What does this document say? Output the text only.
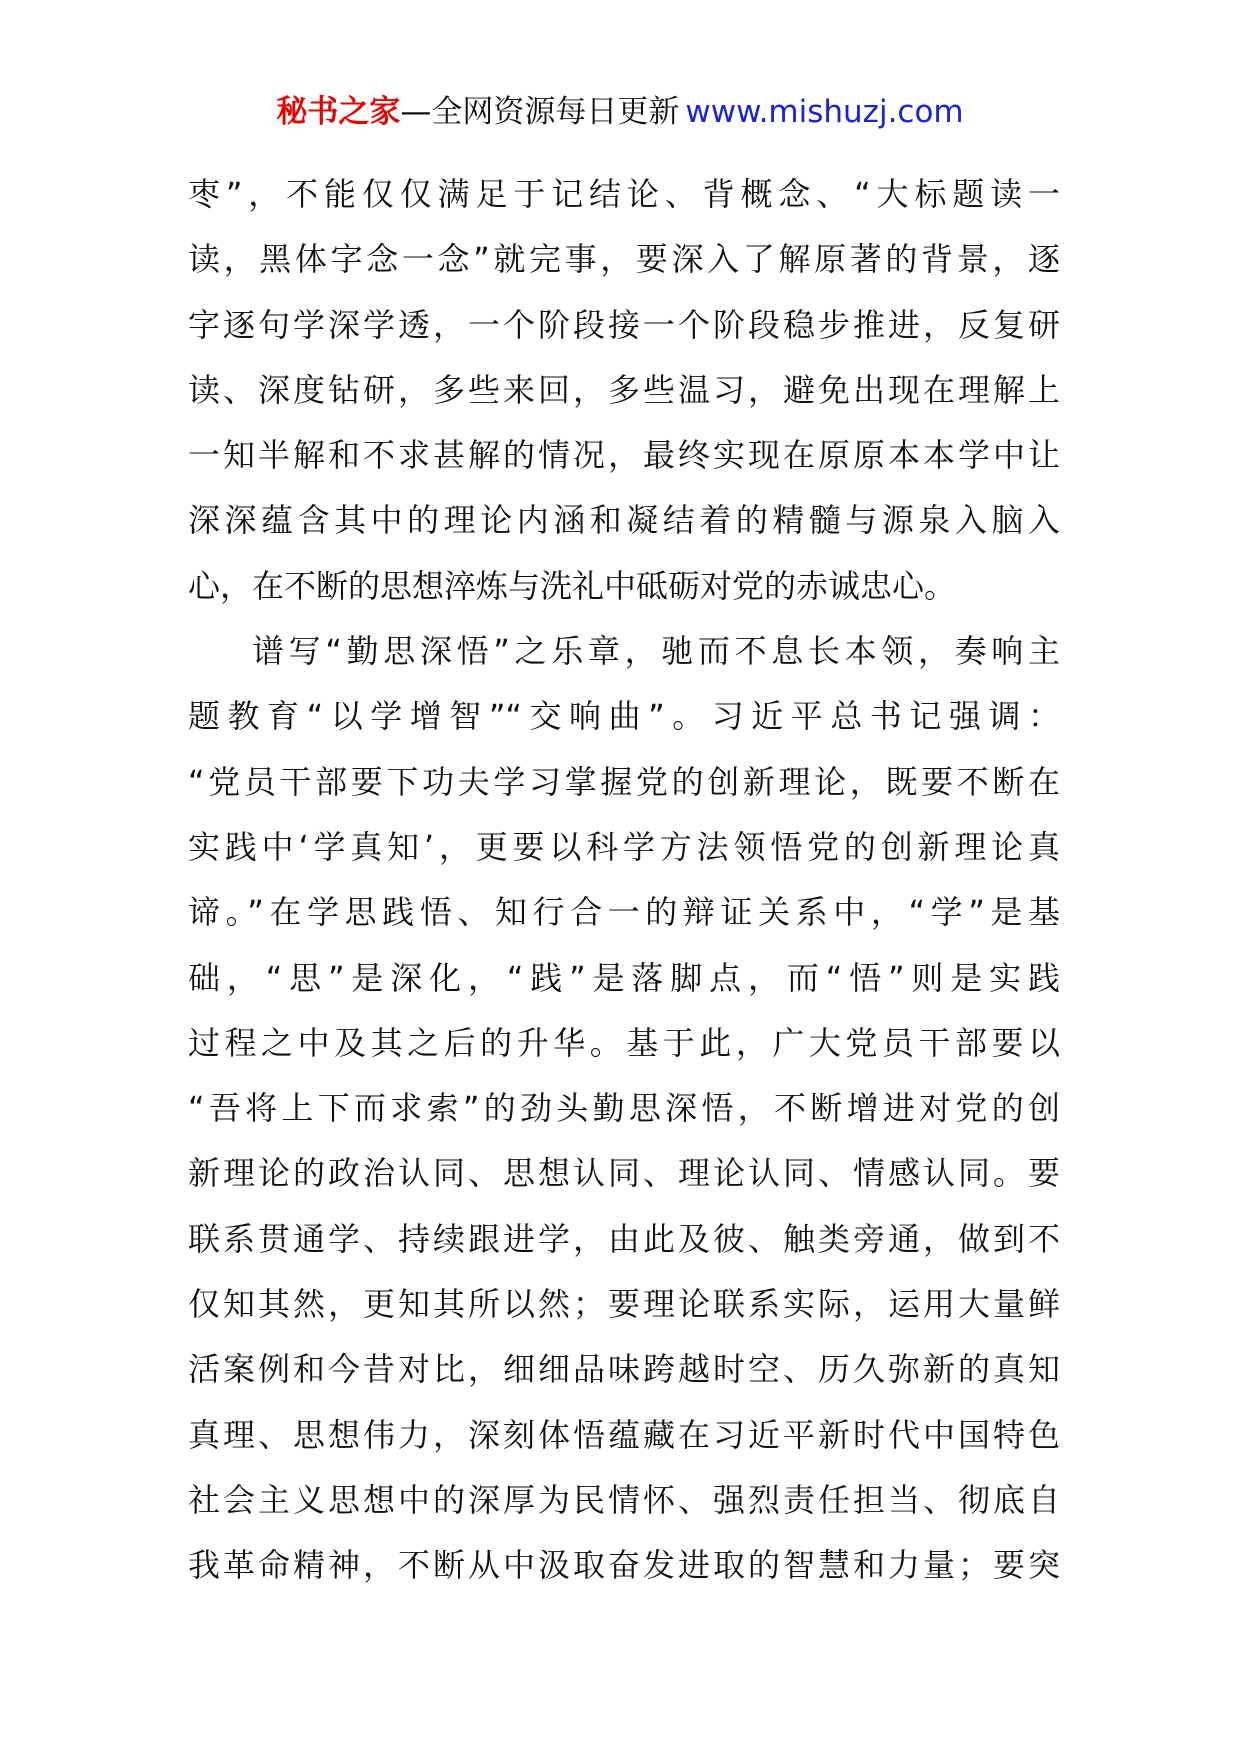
秘书之家—全网资源每日更新 www.mishuzj.com
枣”，不能仅仅满足于记结论、背概念、“大标题读一
读，黑体字念一念”就完事，要深入了解原著的背景，逐
字逐句学深学透，一个阶段接一个阶段稳步推进，反复研
读、深度钻研，多些来回，多些温习，避免出现在理解上
一知半解和不求甚解的情况，最终实现在原原本本学中让
深深蕴含其中的理论内涵和凝结着的精髓与源泉入脑入
心，在不断的思想淬炼与洗礼中砥砺对党的赤诚忠心。
谱写“勤思深悟”之乐章，驰而不息长本领，奏响主
题教育“以学增智”“交响曲”。习近平总书记强调：
“党员干部要下功夫学习掌握党的创新理论，既要不断在
实践中‘学真知’，更要以科学方法领悟党的创新理论真
谛。”在学思践悟、知行合一的辩证关系中，“学”是基
础，“思”是深化，“践”是落脚点，而“悟”则是实践
过程之中及其之后的升华。基于此，广大党员干部要以
“吾将上下而求索”的劲头勤思深悟，不断增进对党的创
新理论的政治认同、思想认同、理论认同、情感认同。要
联系贯通学、持续跟进学，由此及彼、触类旁通，做到不
仅知其然，更知其所以然；要理论联系实际，运用大量鲜
活案例和今昔对比，细细品味跨越时空、历久弥新的真知
真理、思想伟力，深刻体悟蕴藏在习近平新时代中国特色
社会主义思想中的深厚为民情怀、强烈责任担当、彻底自
我革命精神，不断从中汲取奋发进取的智慧和力量；要突
